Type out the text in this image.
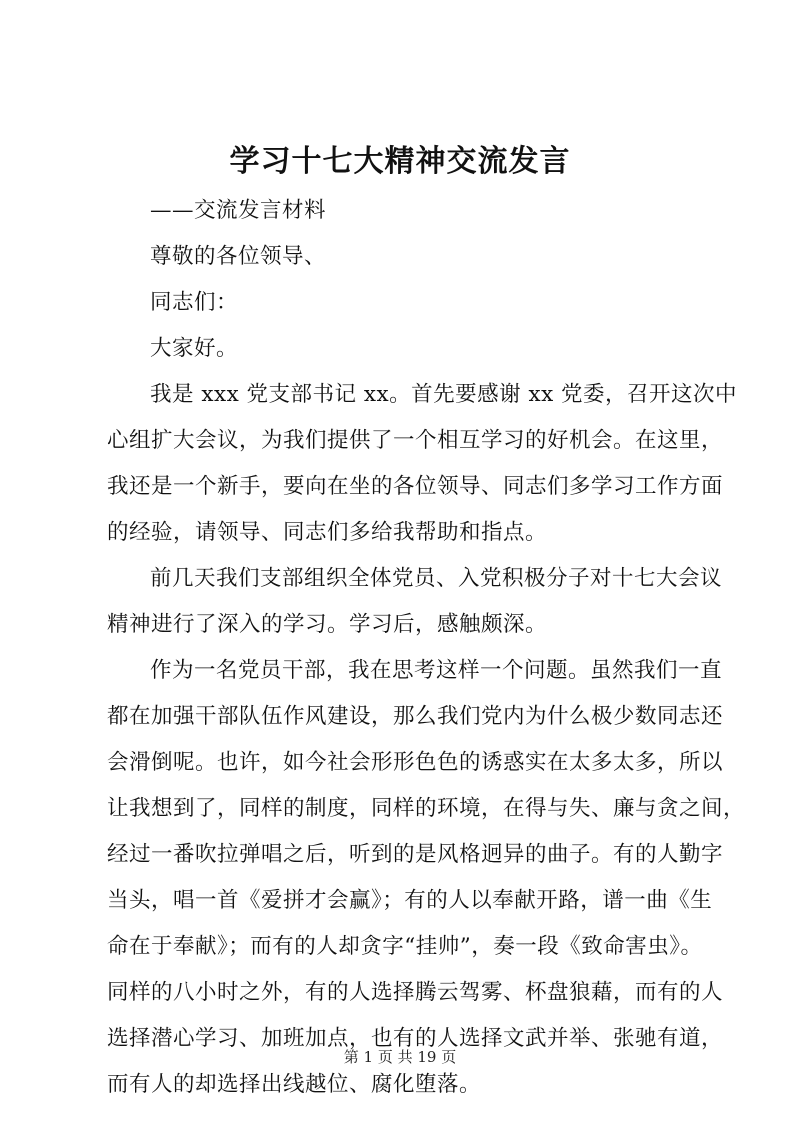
学习十七大精神交流发言

——交流发言材料

尊敬的各位领导、

同志们：

大家好。

我是 xxx 党支部书记 xx。首先要感谢 xx 党委，召开这次中

心组扩大会议，为我们提供了一个相互学习的好机会。在这里，

我还是一个新手，要向在坐的各位领导、同志们多学习工作方面

的经验，请领导、同志们多给我帮助和指点。

前几天我们支部组织全体党员、入党积极分子对十七大会议

精神进行了深入的学习。学习后，感触颇深。

作为一名党员干部，我在思考这样一个问题。虽然我们一直

都在加强干部队伍作风建设，那么我们党内为什么极少数同志还

会滑倒呢。也许，如今社会形形色色的诱惑实在太多太多，所以

让我想到了，同样的制度，同样的环境，在得与失、廉与贪之间，

经过一番吹拉弹唱之后，听到的是风格迥异的曲子。有的人勤字

当头，唱一首《爱拼才会赢》；有的人以奉献开路，谱一曲《生

命在于奉献》；而有的人却贪字“挂帅”，奏一段《致命害虫》。

同样的八小时之外，有的人选择腾云驾雾、杯盘狼藉，而有的人

选择潜心学习、加班加点，也有的人选择文武并举、张驰有道，

而有人的却选择出线越位、腐化堕落。

第 1 页 共 19 页
